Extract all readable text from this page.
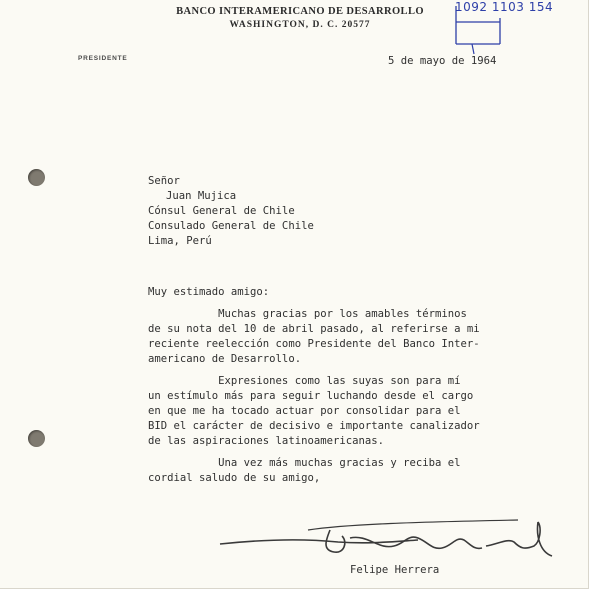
BANCO INTERAMERICANO DE DESARROLLO
WASHINGTON, D. C. 20577
PRESIDENTE
1092 1103 154
5 de mayo de 1964
Señor
Juan Mujica
Cónsul General de Chile
Consulado General de Chile
Lima, Perú
Muy estimado amigo:
Muchas gracias por los amables términos
de su nota del 10 de abril pasado, al referirse a mi
reciente reelección como Presidente del Banco Inter-
americano de Desarrollo.
Expresiones como las suyas son para mí
un estímulo más para seguir luchando desde el cargo
en que me ha tocado actuar por consolidar para el
BID el carácter de decisivo e importante canalizador
de las aspiraciones latinoamericanas.
Una vez más muchas gracias y reciba el
cordial saludo de su amigo,
Felipe Herrera
